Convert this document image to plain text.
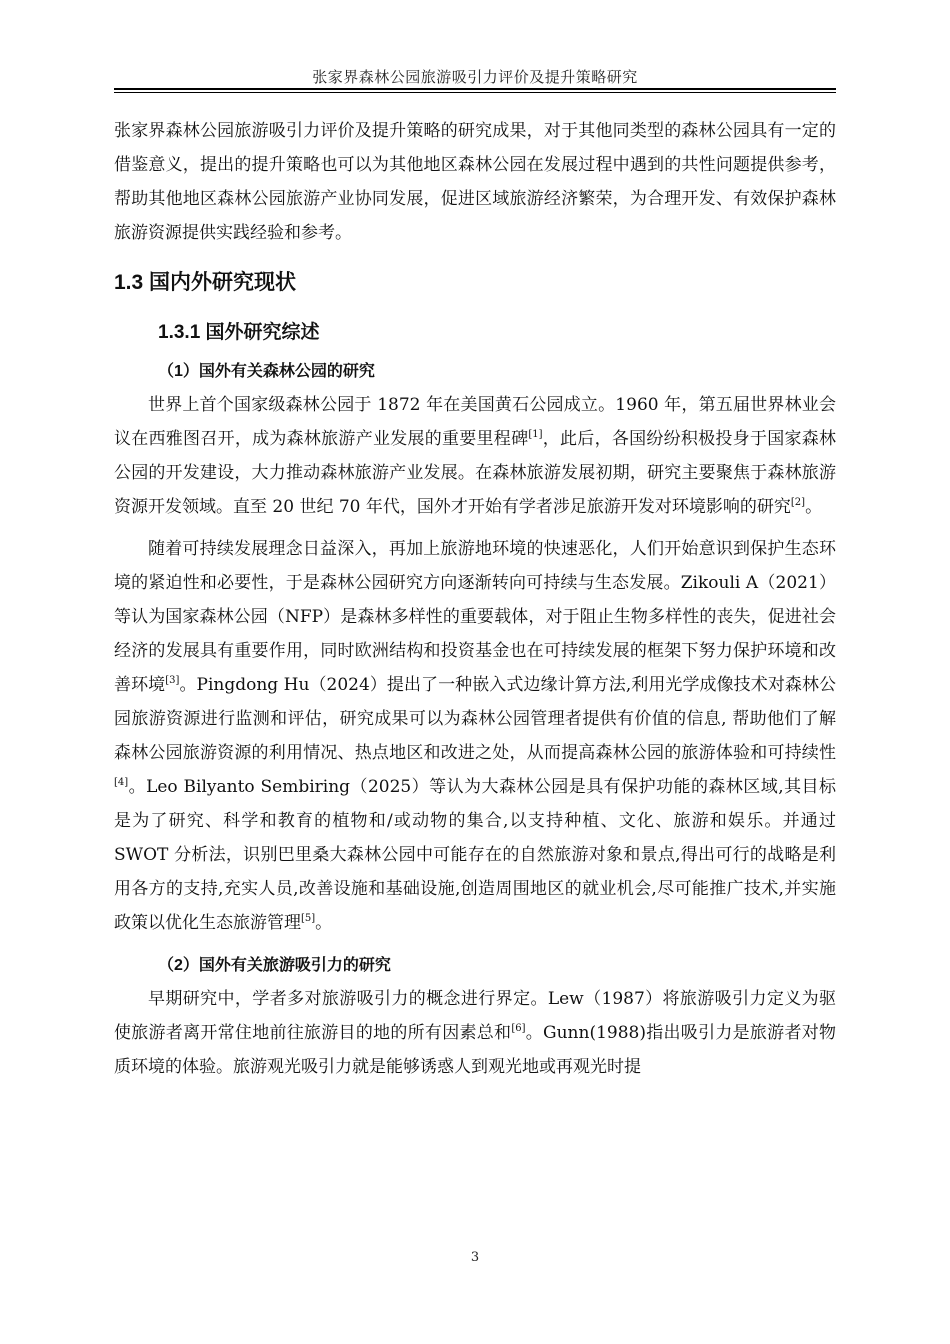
张家界森林公园旅游吸引力评价及提升策略研究

张家界森林公园旅游吸引力评价及提升策略的研究成果，对于其他同类型的森林公园具有一定的借鉴意义，提出的提升策略也可以为其他地区森林公园在发展过程中遇到的共性问题提供参考，帮助其他地区森林公园旅游产业协同发展，促进区域旅游经济繁荣，为合理开发、有效保护森林旅游资源提供实践经验和参考。

1.3 国内外研究现状
1.3.1 国外研究综述
（1）国外有关森林公园的研究

世界上首个国家级森林公园于 1872 年在美国黄石公园成立。1960 年，第五届世界林业会议在西雅图召开，成为森林旅游产业发展的重要里程碑[1]，此后，各国纷纷积极投身于国家森林公园的开发建设，大力推动森林旅游产业发展。在森林旅游发展初期，研究主要聚焦于森林旅游资源开发领域。直至 20 世纪 70 年代，国外才开始有学者涉足旅游开发对环境影响的研究[2]。

随着可持续发展理念日益深入，再加上旅游地环境的快速恶化，人们开始意识到保护生态环境的紧迫性和必要性，于是森林公园研究方向逐渐转向可持续与生态发展。Zikouli A（2021）等认为国家森林公园（NFP）是森林多样性的重要载体，对于阻止生物多样性的丧失，促进社会经济的发展具有重要作用，同时欧洲结构和投资基金也在可持续发展的框架下努力保护环境和改善环境[3]。Pingdong Hu（2024）提出了一种嵌入式边缘计算方法,利用光学成像技术对森林公园旅游资源进行监测和评估，研究成果可以为森林公园管理者提供有价值的信息, 帮助他们了解森林公园旅游资源的利用情况、热点地区和改进之处，从而提高森林公园的旅游体验和可持续性[4]。Leo Bilyanto Sembiring（2025）等认为大森林公园是具有保护功能的森林区域,其目标是为了研究、科学和教育的植物和/或动物的集合,以支持种植、文化、旅游和娱乐。并通过 SWOT 分析法，识别巴里桑大森林公园中可能存在的自然旅游对象和景点,得出可行的战略是利用各方的支持,充实人员,改善设施和基础设施,创造周围地区的就业机会,尽可能推广技术,并实施政策以优化生态旅游管理[5]。

（2）国外有关旅游吸引力的研究

早期研究中，学者多对旅游吸引力的概念进行界定。Lew（1987）将旅游吸引力定义为驱使旅游者离开常住地前往旅游目的地的所有因素总和[6]。Gunn(1988)指出吸引力是旅游者对物质环境的体验。旅游观光吸引力就是能够诱惑人到观光地或再观光时提

3
